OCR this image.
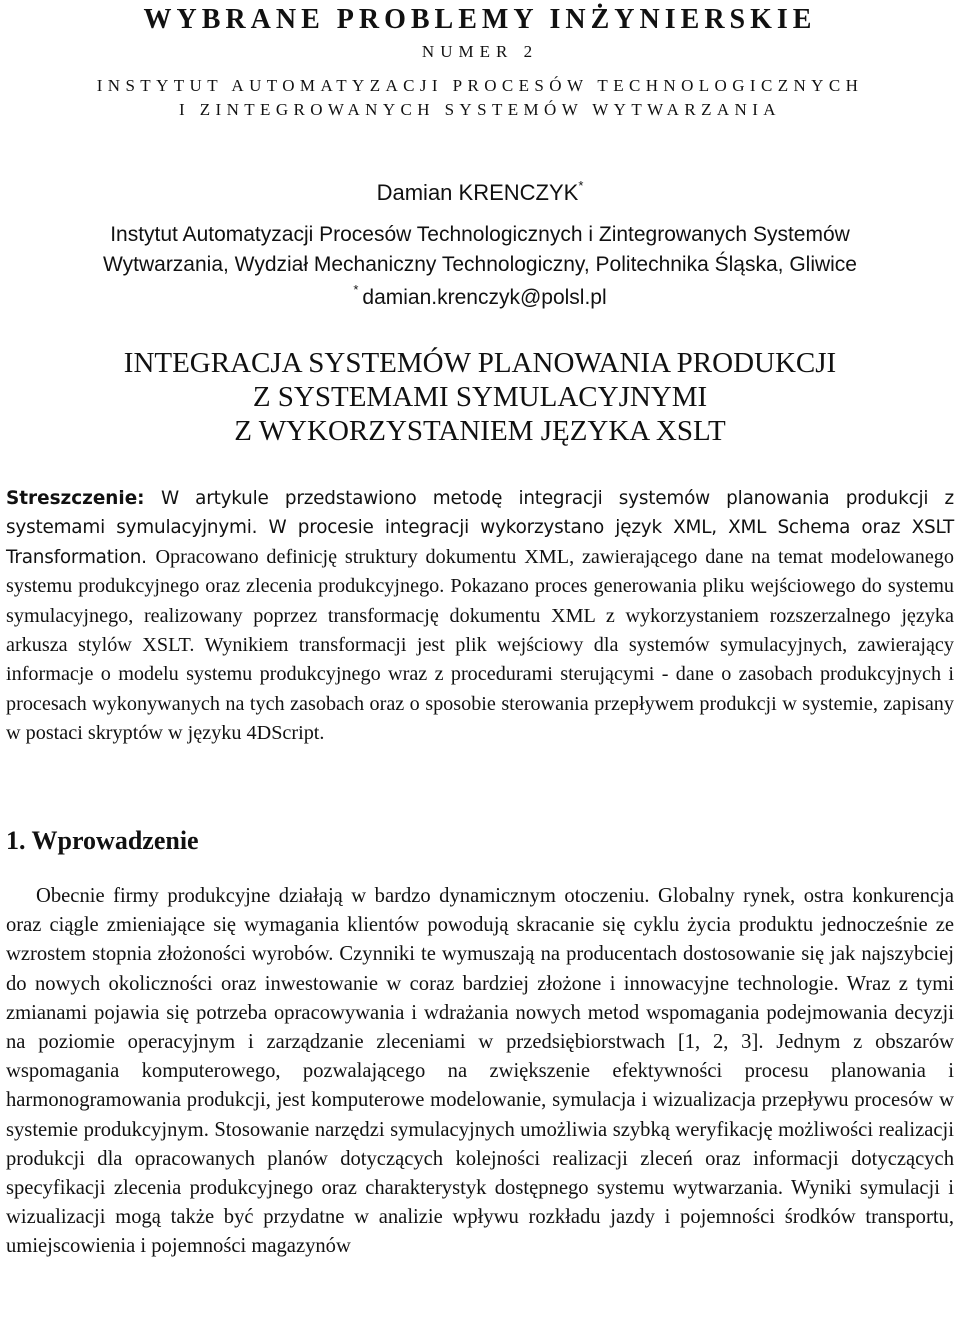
WYBRANE PROBLEMY INŻYNIERSKIE
NUMER 2
INSTYTUT AUTOMATYZACJI PROCESÓW TECHNOLOGICZNYCH
I ZINTEGROWANYCH SYSTEMÓW WYTWARZANIA
Damian KRENCZYK*
Instytut Automatyzacji Procesów Technologicznych i Zintegrowanych Systemów
Wytwarzania, Wydział Mechaniczny Technologiczny, Politechnika Śląska, Gliwice
* damian.krenczyk@polsl.pl
INTEGRACJA SYSTEMÓW PLANOWANIA PRODUKCJI
Z SYSTEMAMI SYMULACYJNYMI
Z WYKORZYSTANIEM JĘZYKA XSLT
Streszczenie: W artykule przedstawiono metodę integracji systemów planowania produkcji z systemami symulacyjnymi. W procesie integracji wykorzystano język XML, XML Schema oraz XSLT Transformation. Opracowano definicję struktury dokumentu XML, zawierającego dane na temat modelowanego systemu produkcyjnego oraz zlecenia produkcyjnego. Pokazano proces generowania pliku wejściowego do systemu symulacyjnego, realizowany poprzez transformację dokumentu XML z wykorzystaniem rozszerzalnego języka arkusza stylów XSLT. Wynikiem transformacji jest plik wejściowy dla systemów symulacyjnych, zawierający informacje o modelu systemu produkcyjnego wraz z procedurami sterującymi - dane o zasobach produkcyjnych i procesach wykonywanych na tych zasobach oraz o sposobie sterowania przepływem produkcji w systemie, zapisany w postaci skryptów w języku 4DScript.
1. Wprowadzenie
Obecnie firmy produkcyjne działają w bardzo dynamicznym otoczeniu. Globalny rynek, ostra konkurencja oraz ciągle zmieniające się wymagania klientów powodują skracanie się cyklu życia produktu jednocześnie ze wzrostem stopnia złożoności wyrobów. Czynniki te wymuszają na producentach dostosowanie się jak najszybciej do nowych okoliczności oraz inwestowanie w coraz bardziej złożone i innowacyjne technologie. Wraz z tymi zmianami pojawia się potrzeba opracowywania i wdrażania nowych metod wspomagania podejmowania decyzji na poziomie operacyjnym i zarządzanie zleceniami w przedsiębiorstwach [1, 2, 3]. Jednym z obszarów wspomagania komputerowego, pozwalającego na zwiększenie efektywności procesu planowania i harmonogramowania produkcji, jest komputerowe modelowanie, symulacja i wizualizacja przepływu procesów w systemie produkcyjnym. Stosowanie narzędzi symulacyjnych umożliwia szybką weryfikację możliwości realizacji produkcji dla opracowanych planów dotyczących kolejności realizacji zleceń oraz informacji dotyczących specyfikacji zlecenia produkcyjnego oraz charakterystyk dostępnego systemu wytwarzania. Wyniki symulacji i wizualizacji mogą także być przydatne w analizie wpływu rozkładu jazdy i pojemności środków transportu, umiejscowienia i pojemności magazynów
